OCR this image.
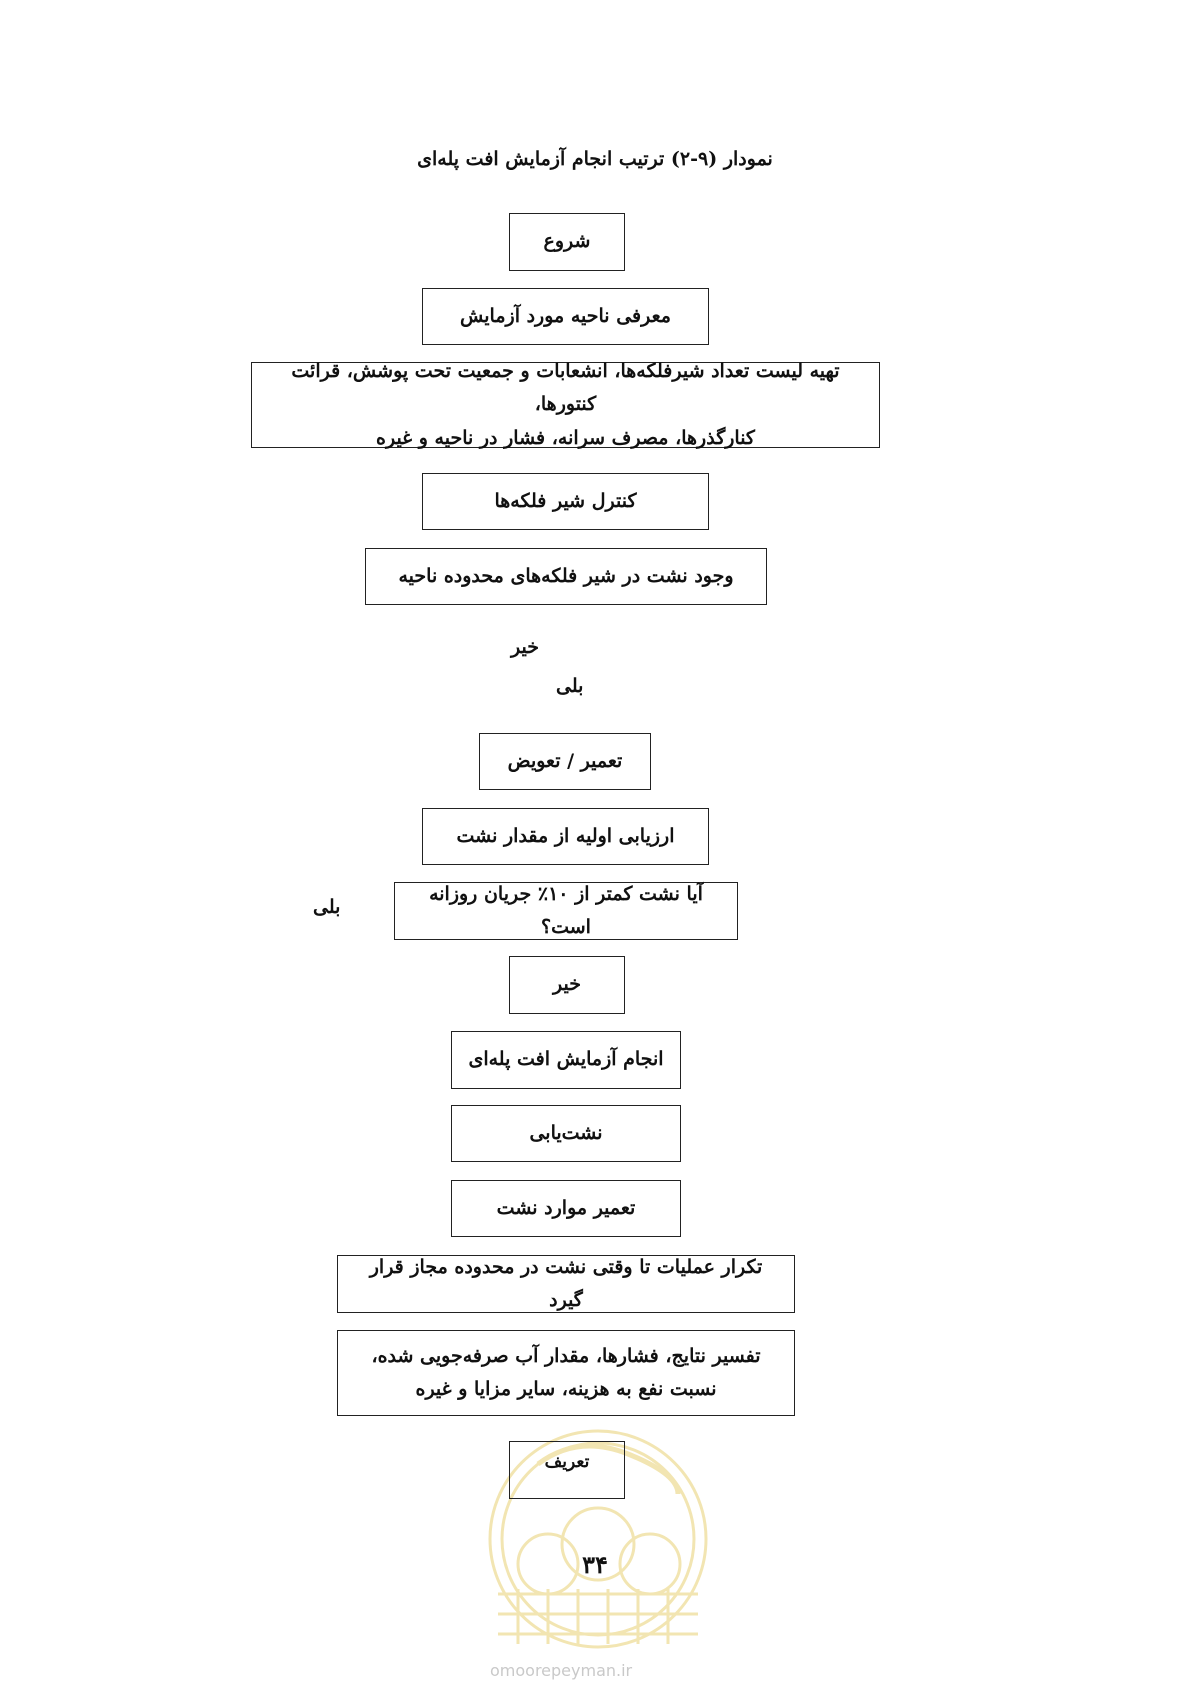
نمودار (۹-۲) ترتیب انجام آزمایش افت پله‌ای
شروع
معرفی ناحیه مورد آزمایش
تهیه لیست تعداد شیرفلکه‌ها، انشعابات و جمعیت تحت پوشش، قرائت کنتورها،
کنارگذرها، مصرف سرانه، فشار در ناحیه و غیره
کنترل شیر فلکه‌ها
وجود نشت در شیر فلکه‌های محدوده ناحیه
خیر
بلی
تعمیر / تعویض
ارزیابی اولیه از مقدار نشت
آیا نشت کمتر از ۱۰٪ جریان روزانه است؟
بلی
خیر
انجام آزمایش افت پله‌ای
نشت‌یابی
تعمیر موارد نشت
تکرار عملیات تا وقتی نشت در محدوده مجاز قرار گیرد
تفسیر نتایج، فشارها، مقدار آب صرفه‌جویی شده،
نسبت نفع به هزینه، سایر مزایا و غیره
تعریف
۳۴
omoorepeyman.ir
